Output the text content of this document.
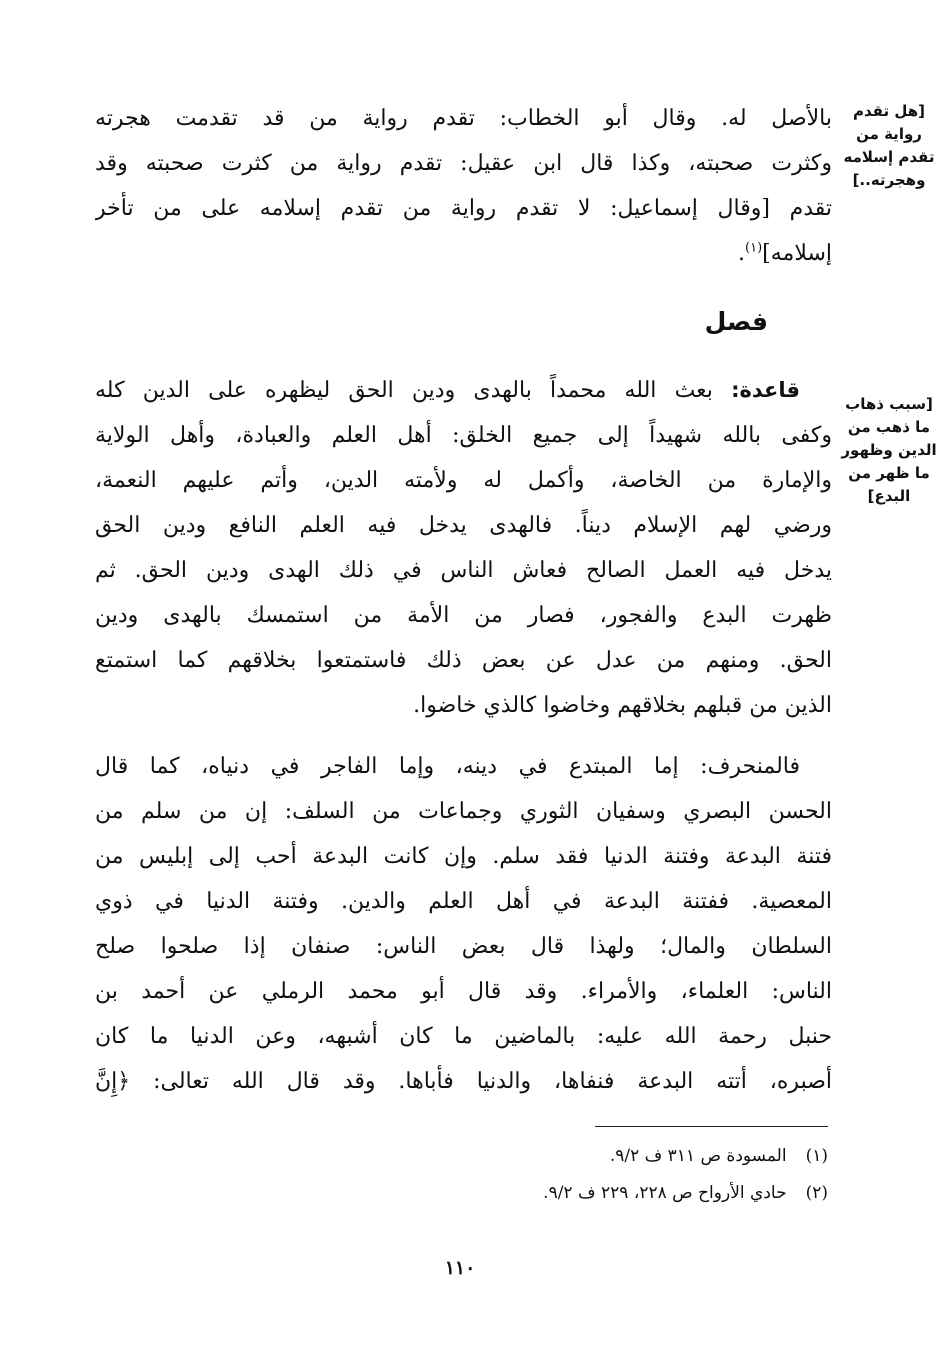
[هل تقدم رواية من تقدم إسلامه وهجرته..]
[سبب ذهاب ما ذهب من الدين وظهور ما ظهر من البدع]
بالأصل له. وقال أبو الخطاب: تقدم رواية من قد تقدمت هجرته
وكثرت صحبته، وكذا قال ابن عقيل: تقدم رواية من كثرت صحبته وقد
تقدم [وقال إسماعيل: لا تقدم رواية من تقدم إسلامه على من تأخر
إسلامه]$^{(١)}$.
فصل
قاعدة: بعث الله محمداً بالهدى ودين الحق ليظهره على الدين كله
وكفى بالله شهيداً إلى جميع الخلق: أهل العلم والعبادة، وأهل الولاية
والإمارة من الخاصة، وأكمل له ولأمته الدين، وأتم عليهم النعمة،
ورضي لهم الإسلام ديناً. فالهدى يدخل فيه العلم النافع ودين الحق
يدخل فيه العمل الصالح فعاش الناس في ذلك الهدى ودين الحق. ثم
ظهرت البدع والفجور، فصار من الأمة من استمسك بالهدى ودين
الحق. ومنهم من عدل عن بعض ذلك فاستمتعوا بخلاقهم كما استمتع
الذين من قبلهم بخلاقهم وخاضوا كالذي خاضوا.
فالمنحرف: إما المبتدع في دينه، وإما الفاجر في دنياه، كما قال
الحسن البصري وسفيان الثوري وجماعات من السلف: إن من سلم من
فتنة البدعة وفتنة الدنيا فقد سلم. وإن كانت البدعة أحب إلى إبليس من
المعصية. ففتنة البدعة في أهل العلم والدين. وفتنة الدنيا في ذوي
السلطان والمال؛ ولهذا قال بعض الناس: صنفان إذا صلحوا صلح
الناس: العلماء، والأمراء. وقد قال أبو محمد الرملي عن أحمد بن
حنبل رحمة الله عليه: بالماضين ما كان أشبهه، وعن الدنيا ما كان
أصبره، أتته البدعة فنفاها، والدنيا فأباها. وقد قال الله تعالى: ﴿إِنَّ
(١) المسودة ص ٣١١ ف ٩/٢.
(٢) حادي الأرواح ص ٢٢٨، ٢٢٩ ف ٩/٢.
١١٠
